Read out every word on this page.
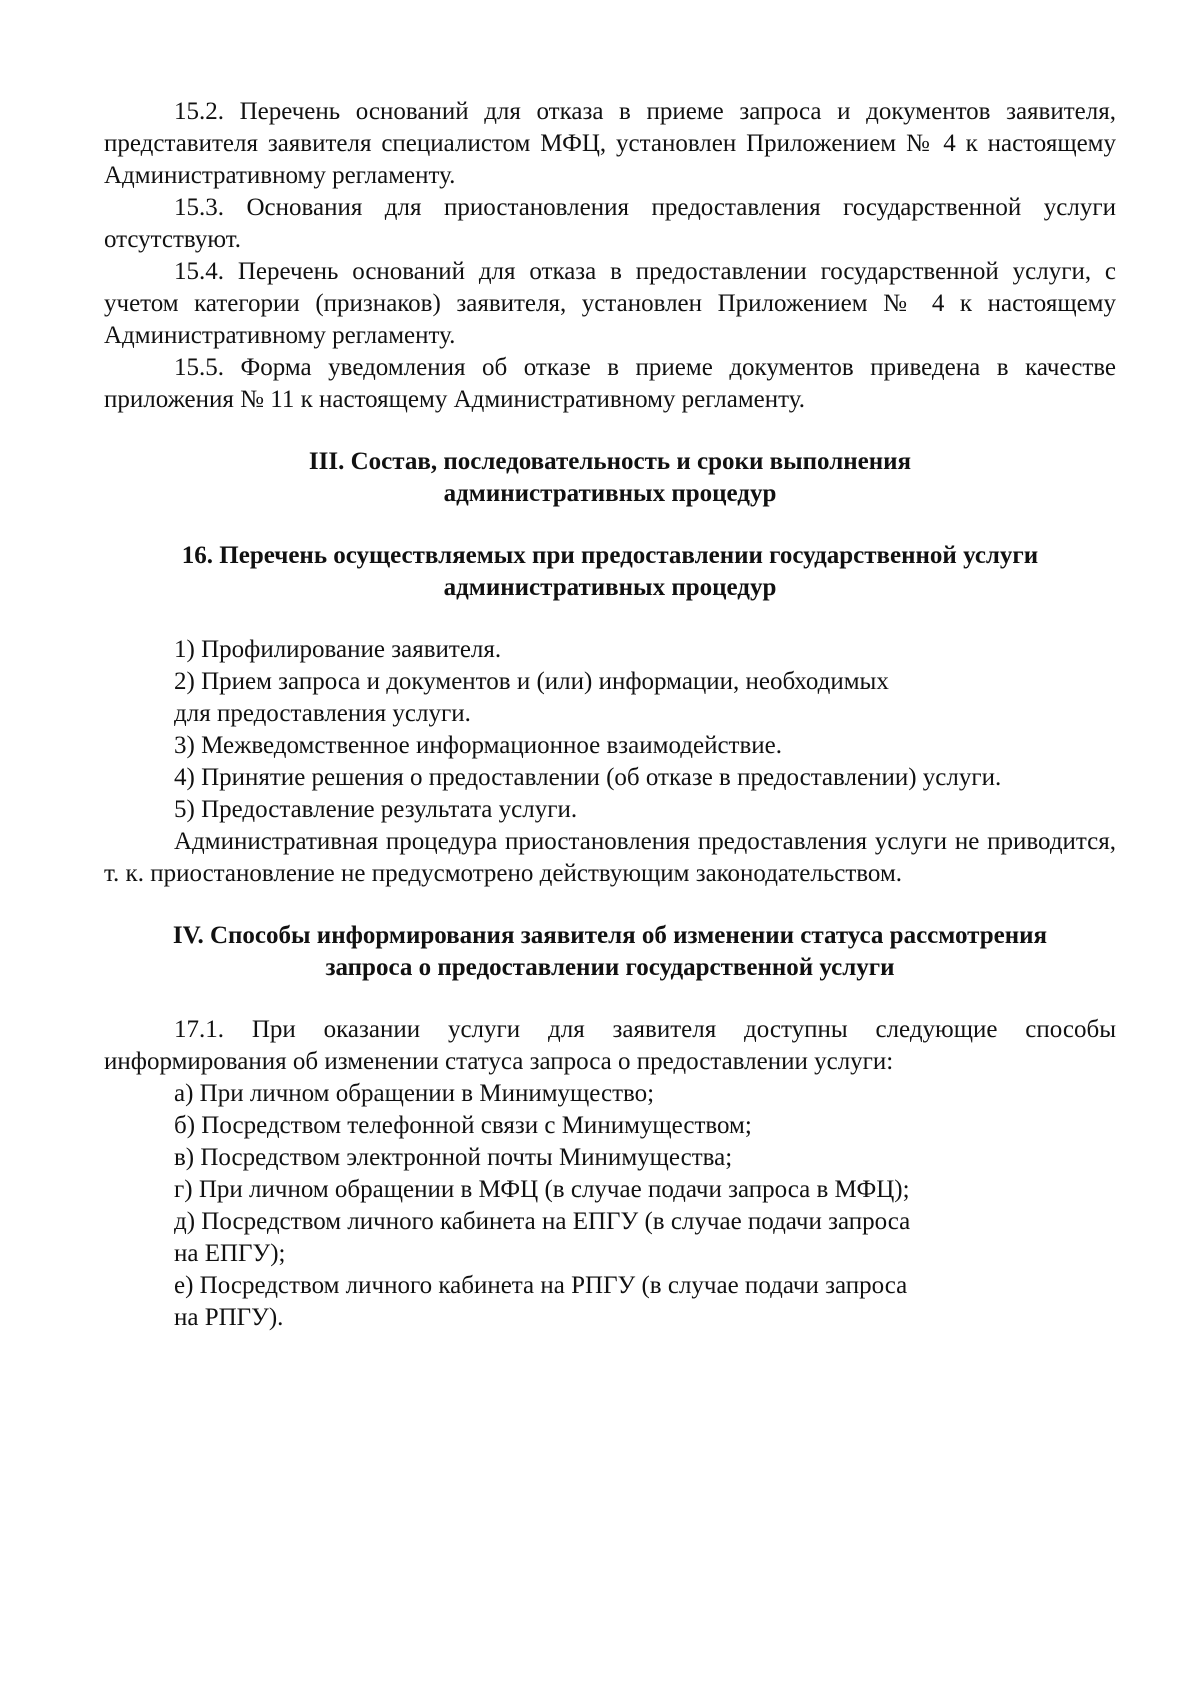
15.2. Перечень оснований для отказа в приеме запроса и документов заявителя, представителя заявителя специалистом МФЦ, установлен Приложением № 4 к настоящему Административному регламенту.

15.3. Основания для приостановления предоставления государственной услуги отсутствуют.

15.4. Перечень оснований для отказа в предоставлении государственной услуги, с учетом категории (признаков) заявителя, установлен Приложением № 4 к настоящему Административному регламенту.

15.5. Форма уведомления об отказе в приеме документов приведена в качестве приложения № 11 к настоящему Административному регламенту.

III. Состав, последовательность и сроки выполнения

административных процедур

16. Перечень осуществляемых при предоставлении государственной услуги

административных процедур

1) Профилирование заявителя.

2) Прием запроса и документов и (или) информации, необходимых

для предоставления услуги.

3) Межведомственное информационное взаимодействие.

4) Принятие решения о предоставлении (об отказе в предоставлении) услуги.

5) Предоставление результата услуги.

Административная процедура приостановления предоставления услуги не приводится, т. к. приостановление не предусмотрено действующим законодательством.

IV. Способы информирования заявителя об изменении статуса рассмотрения

запроса о предоставлении государственной услуги

17.1. При оказании услуги для заявителя доступны следующие способы информирования об изменении статуса запроса о предоставлении услуги:

а) При личном обращении в Минимущество;

б) Посредством телефонной связи с Минимуществом;

в) Посредством электронной почты Минимущества;

г) При личном обращении в МФЦ (в случае подачи запроса в МФЦ);

д) Посредством личного кабинета на ЕПГУ (в случае подачи запроса

на ЕПГУ);

е) Посредством личного кабинета на РПГУ (в случае подачи запроса

на РПГУ).
